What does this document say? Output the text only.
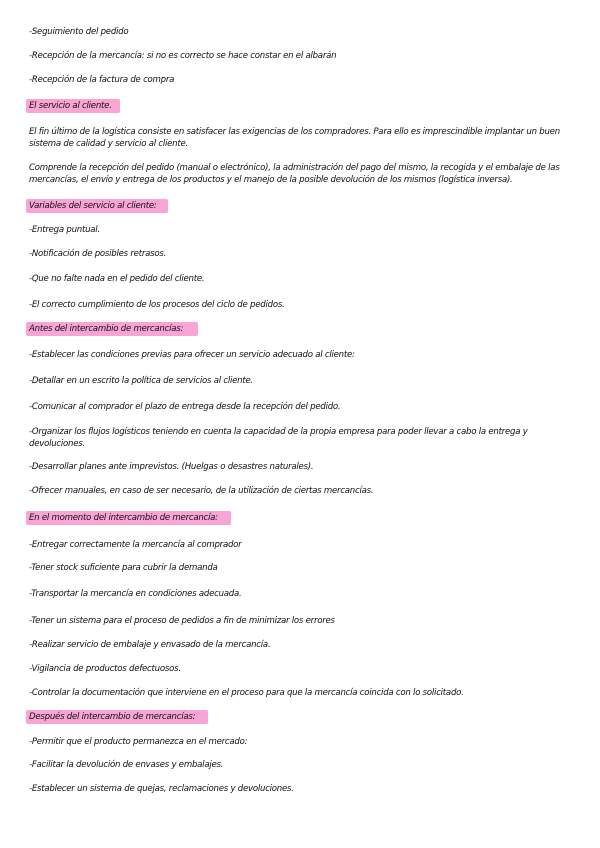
-Seguimiento del pedido
-Recepción de la mercancía: si no es correcto se hace constar en el albarán
-Recepción de la factura de compra
El servicio al cliente.
El fin último de la logística consiste en satisfacer las exigencias de los compradores. Para ello es imprescindible implantar un buen sistema de calidad y servicio al cliente.
Comprende la recepción del pedido (manual o electrónico), la administración del pago del mismo, la recogida y el embalaje de las mercancías, el envío y entrega de los productos y el manejo de la posible devolución de los mismos (logística inversa).
Variables del servicio al cliente:
-Entrega puntual.
-Notificación de posibles retrasos.
-Que no falte nada en el pedido del cliente.
-El correcto cumplimiento de los procesos del ciclo de pedidos.
Antes del intercambio de mercancías:
-Establecer las condiciones previas para ofrecer un servicio adecuado al cliente:
-Detallar en un escrito la política de servicios al cliente.
-Comunicar al comprador el plazo de entrega desde la recepción del pedido.
-Organizar los flujos logísticos teniendo en cuenta la capacidad de la propia empresa para poder llevar a cabo la entrega y devoluciones.
-Desarrollar planes ante imprevistos. (Huelgas o desastres naturales).
-Ofrecer manuales, en caso de ser necesario, de la utilización de ciertas mercancías.
En el momento del intercambio de mercancía:
-Entregar correctamente la mercancía al comprador
-Tener stock suficiente para cubrir la demanda
-Transportar la mercancía en condiciones adecuada.
-Tener un sistema para el proceso de pedidos a fin de minimizar los errores
-Realizar servicio de embalaje y envasado de la mercancía.
-Vigilancia de productos defectuosos.
-Controlar la documentación que interviene en el proceso para que la mercancía coincida con lo solicitado.
Después del intercambio de mercancías:
-Permitir que el producto permanezca en el mercado:
-Facilitar la devolución de envases y embalajes.
-Establecer un sistema de quejas, reclamaciones y devoluciones.
